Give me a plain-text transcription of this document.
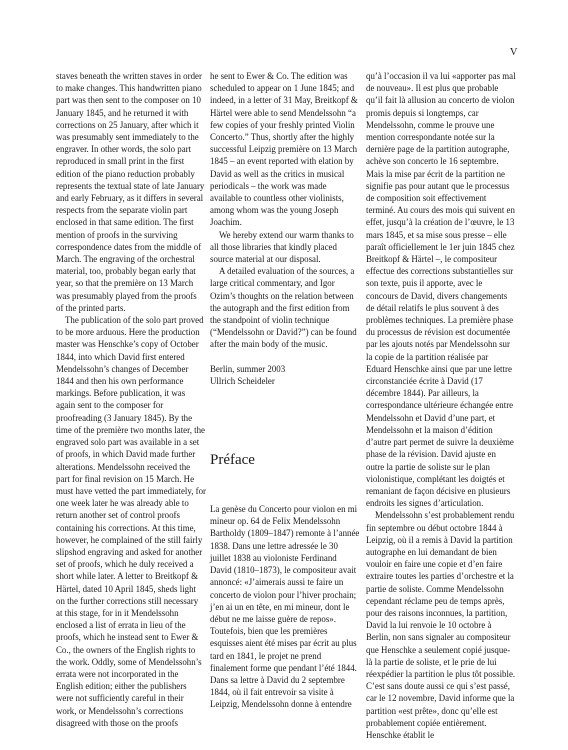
V

staves beneath the written staves in order to make changes. This handwritten piano part was then sent to the composer on 10 January 1845, and he returned it with corrections on 25 January, after which it was presumably sent immediately to the engraver. In other words, the solo part reproduced in small print in the first edition of the piano reduction probably represents the textual state of late January and early February, as it differs in several respects from the separate violin part enclosed in that same edition. The first mention of proofs in the surviving correspondence dates from the middle of March. The engraving of the orchestral material, too, probably began early that year, so that the première on 13 March was presumably played from the proofs of the printed parts.

The publication of the solo part proved to be more arduous. Here the production master was Henschke’s copy of October 1844, into which David first entered Mendelssohn’s changes of December 1844 and then his own performance markings. Before publication, it was again sent to the composer for proofreading (3 January 1845). By the time of the première two months later, the engraved solo part was available in a set of proofs, in which David made further alterations. Mendelssohn received the part for final revision on 15 March. He must have vetted the part immediately, for one week later he was already able to return another set of control proofs containing his corrections. At this time, however, he complained of the still fairly slipshod engraving and asked for another set of proofs, which he duly received a short while later. A letter to Breitkopf & Härtel, dated 10 April 1845, sheds light on the further corrections still necessary at this stage, for in it Mendelssohn enclosed a list of errata in lieu of the proofs, which he instead sent to Ewer & Co., the owners of the English rights to the work. Oddly, some of Mendelssohn’s errata were not incorporated in the English edition; either the publishers were not sufficiently careful in their work, or Mendelssohn’s corrections disagreed with those on the proofs

he sent to Ewer & Co. The edition was scheduled to appear on 1 June 1845; and indeed, in a letter of 31 May, Breitkopf & Härtel were able to send Mendelssohn “a few copies of your freshly printed Violin Concerto.” Thus, shortly after the highly successful Leipzig première on 13 March 1845 – an event reported with elation by David as well as the critics in musical periodicals – the work was made available to countless other violinists, among whom was the young Joseph Joachim.

We hereby extend our warm thanks to all those libraries that kindly placed source material at our disposal.

A detailed evaluation of the sources, a large critical commentary, and Igor Ozim’s thoughts on the relation between the autograph and the first edition from the standpoint of violin technique (“Mendelssohn or David?”) can be found after the main body of the music.

Berlin, summer 2003

Ullrich Scheideler

Préface

La genèse du Concerto pour violon en mi mineur op. 64 de Felix Mendelssohn Bartholdy (1809–1847) remonte à l’année 1838. Dans une lettre adressée le 30 juillet 1838 au violoniste Ferdinand David (1810–1873), le compositeur avait annoncé: «J’aimerais aussi te faire un concerto de violon pour l’hiver prochain; j’en ai un en tête, en mi mineur, dont le début ne me laisse guère de repos». Toutefois, bien que les premières esquisses aient été mises par écrit au plus tard en 1841, le projet ne prend finalement forme que pendant l’été 1844. Dans sa lettre à David du 2 septembre 1844, où il fait entrevoir sa visite à Leipzig, Mendelssohn donne à entendre

qu’à l’occasion il va lui «apporter pas mal de nouveau». Il est plus que probable qu’il fait là allusion au concerto de violon promis depuis si longtemps, car Mendelssohn, comme le prouve une mention correspondante notée sur la dernière page de la partition autographe, achève son concerto le 16 septembre. Mais la mise par écrit de la partition ne signifie pas pour autant que le processus de composition soit effectivement terminé. Au cours des mois qui suivent en effet, jusqu’à la création de l’œuvre, le 13 mars 1845, et sa mise sous presse – elle paraît officiellement le 1er juin 1845 chez Breitkopf & Härtel –, le compositeur effectue des corrections substantielles sur son texte, puis il apporte, avec le concours de David, divers changements de détail relatifs le plus souvent à des problèmes techniques. La première phase du processus de révision est documentée par les ajouts notés par Mendelssohn sur la copie de la partition réalisée par Eduard Henschke ainsi que par une lettre circonstanciée écrite à David (17 décembre 1844). Par ailleurs, la correspondance ultérieure échangée entre Mendelssohn et David d’une part, et Mendelssohn et la maison d’édition d’autre part permet de suivre la deuxième phase de la révision. David ajuste en outre la partie de soliste sur le plan violonistique, complétant les doigtés et remaniant de façon décisive en plusieurs endroits les signes d’articulation.

Mendelssohn s’est probablement rendu fin septembre ou début octobre 1844 à Leipzig, où il a remis à David la partition autographe en lui demandant de bien vouloir en faire une copie et d’en faire extraire toutes les parties d’orchestre et la partie de soliste. Comme Mendelssohn cependant réclame peu de temps après, pour des raisons inconnues, la partition, David la lui renvoie le 10 octobre à Berlin, non sans signaler au compositeur que Henschke a seulement copié jusque-là la partie de soliste, et le prie de lui réexpédier la partition le plus tôt possible. C’est sans doute aussi ce qui s’est passé, car le 12 novembre, David informe que la partition «est prête», donc qu’elle est probablement copiée entièrement. Henschke établit le
